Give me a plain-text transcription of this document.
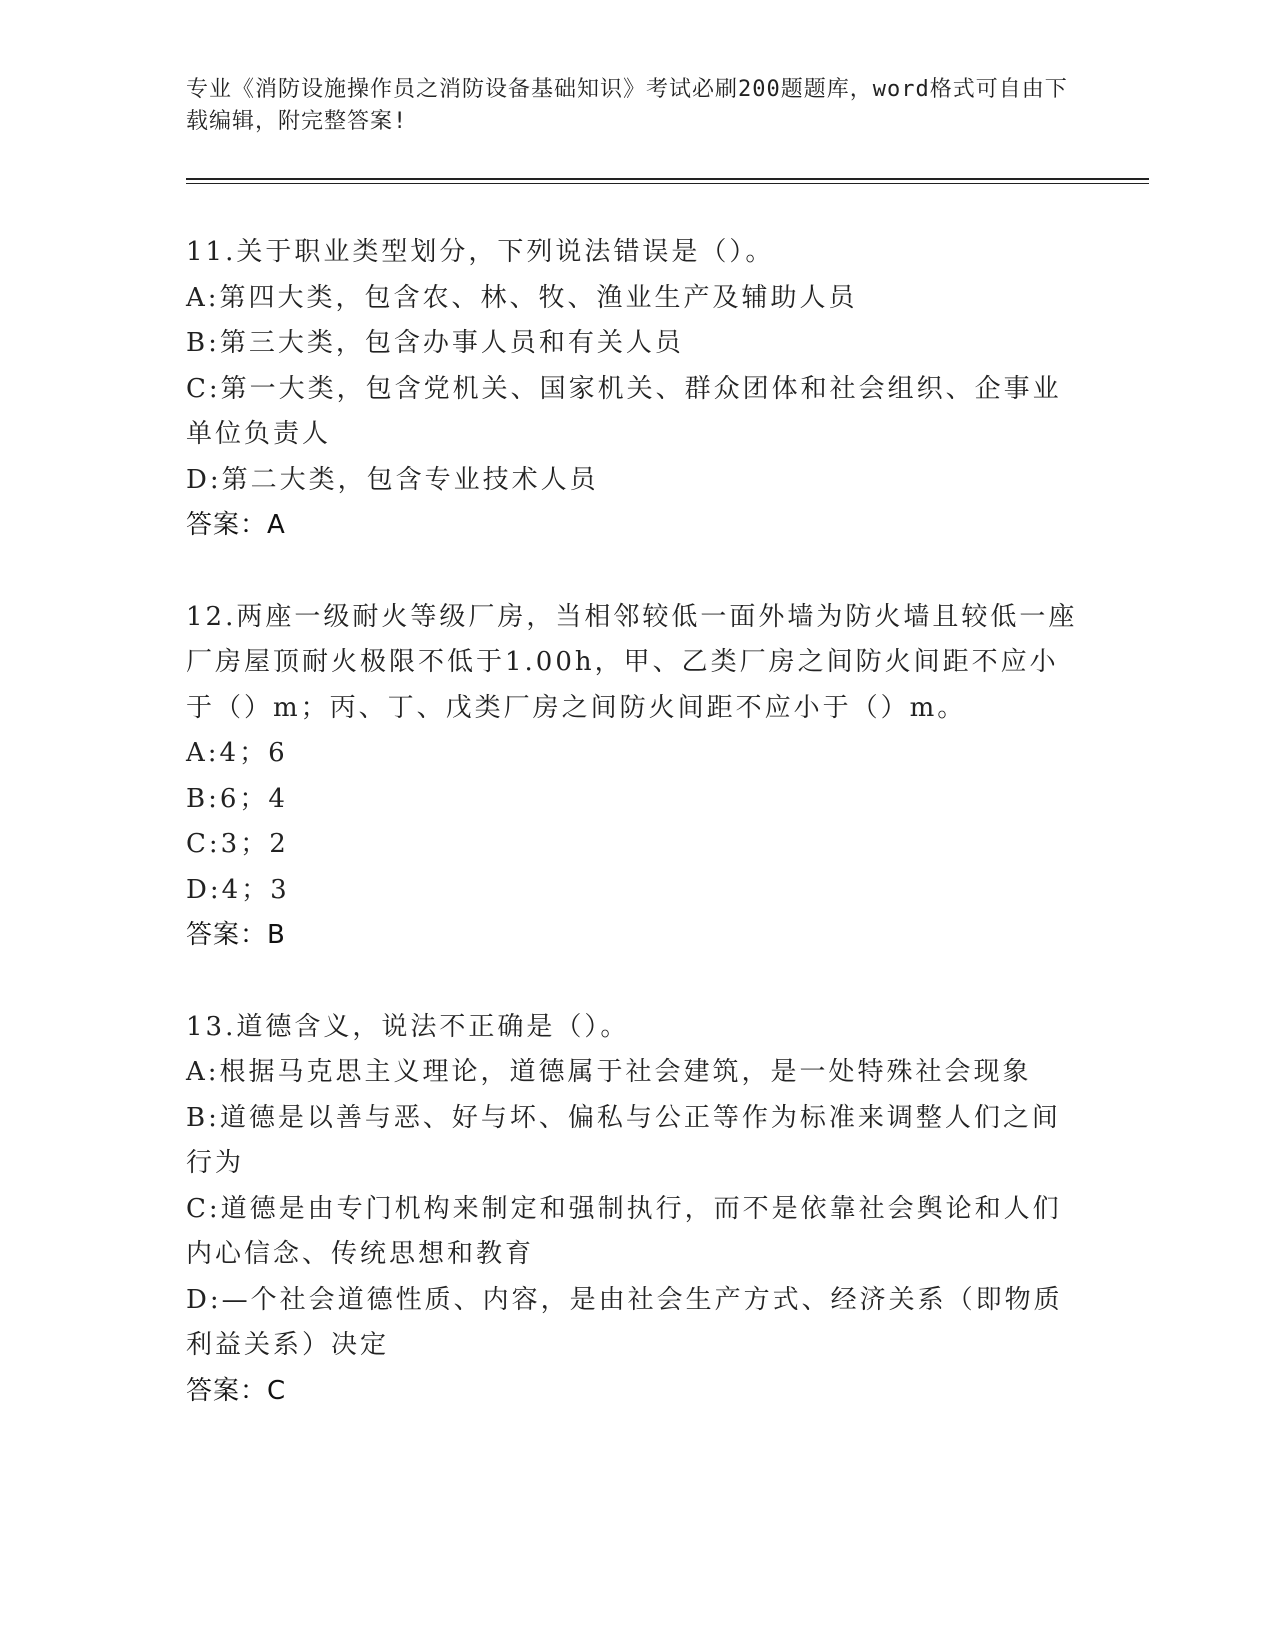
专业《消防设施操作员之消防设备基础知识》考试必刷200题题库，word格式可自由下载编辑，附完整答案!
11.关于职业类型划分，下列说法错误是（）。
A:第四大类，包含农、林、牧、渔业生产及辅助人员
B:第三大类，包含办事人员和有关人员
C:第一大类，包含党机关、国家机关、群众团体和社会组织、企事业单位负责人
D:第二大类，包含专业技术人员
答案：A
12.两座一级耐火等级厂房，当相邻较低一面外墙为防火墙且较低一座厂房屋顶耐火极限不低于1.00h，甲、乙类厂房之间防火间距不应小于（）m；丙、丁、戊类厂房之间防火间距不应小于（）m。
A:4；6
B:6；4
C:3；2
D:4；3
答案：B
13.道德含义，说法不正确是（）。
A:根据马克思主义理论，道德属于社会建筑，是一处特殊社会现象
B:道德是以善与恶、好与坏、偏私与公正等作为标准来调整人们之间行为
C:道德是由专门机构来制定和强制执行，而不是依靠社会舆论和人们内心信念、传统思想和教育
D:—个社会道德性质、内容，是由社会生产方式、经济关系（即物质利益关系）决定
答案：C
